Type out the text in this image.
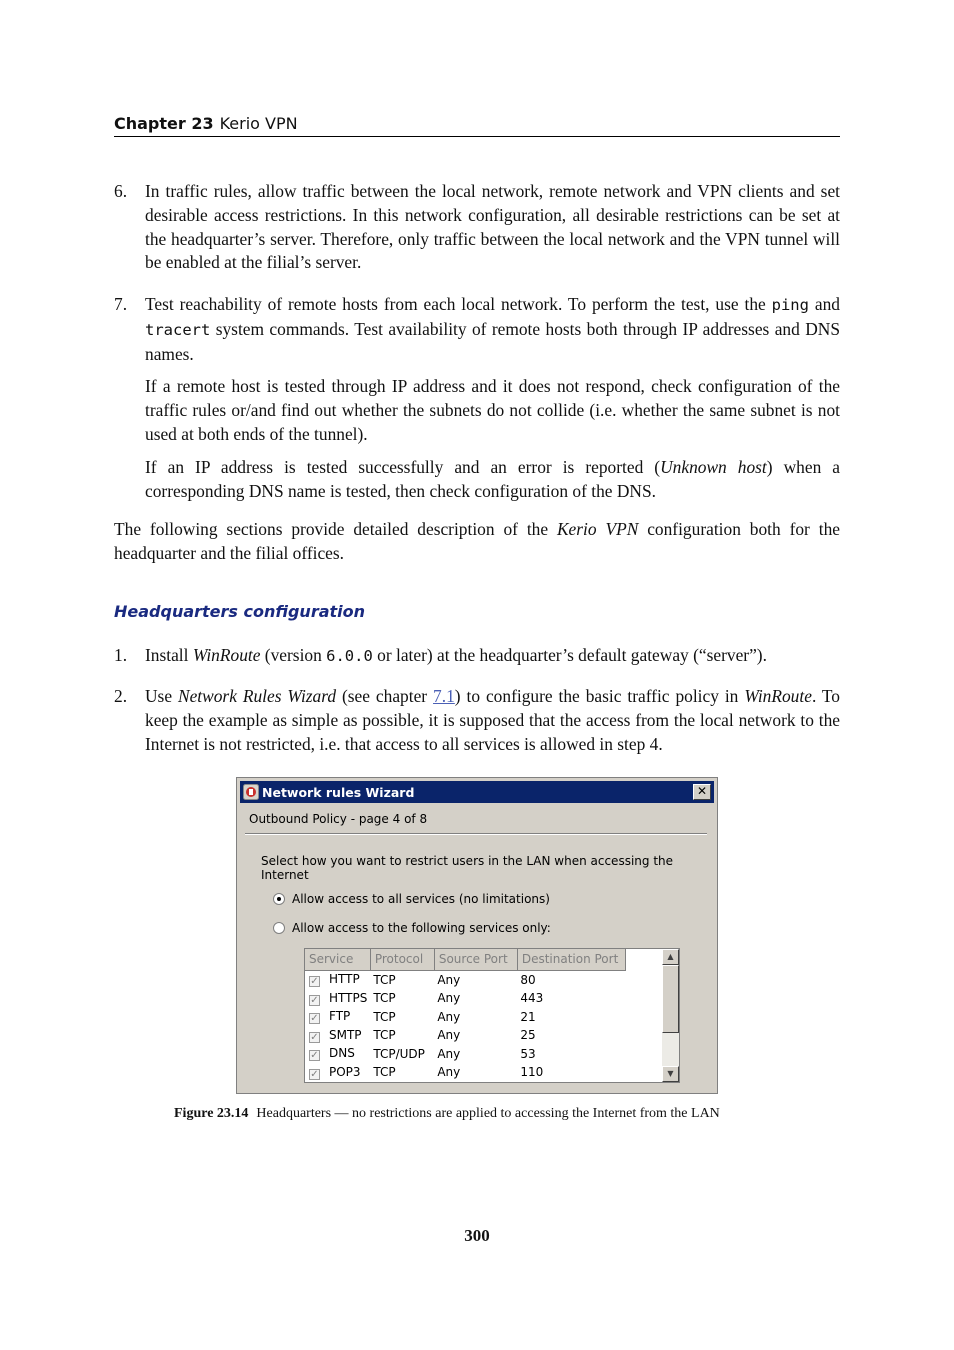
Chapter 23 Kerio VPN
6. In traffic rules, allow traffic between the local network, remote network and VPN clients and set desirable access restrictions. In this network configuration, all desirable restrictions can be set at the headquarter’s server. Therefore, only traffic between the local network and the VPN tunnel will be enabled at the filial’s server.

7. Test reachability of remote hosts from each local network. To perform the test, use the ping and tracert system commands. Test availability of remote hosts both through IP addresses and DNS names.

If a remote host is tested through IP address and it does not respond, check configuration of the traffic rules or/and find out whether the subnets do not collide (i.e. whether the same subnet is not used at both ends of the tunnel).

If an IP address is tested successfully and an error is reported (Unknown host) when a corresponding DNS name is tested, then check configuration of the DNS.

The following sections provide detailed description of the Kerio VPN configuration both for the headquarter and the filial offices.

Headquarters configuration
1. Install WinRoute (version 6.0.0 or later) at the headquarter’s default gateway (“server”).

2. Use Network Rules Wizard (see chapter 7.1) to configure the basic traffic policy in WinRoute. To keep the example as simple as possible, it is supposed that the access from the local network to the Internet is not restricted, i.e. that access to all services is allowed in step 4.

Network rules Wizard	✕
Outbound Policy - page 4 of 8
Select how you want to restrict users in the LAN when accessing the Internet
Allow access to all services (no limitations)
Allow access to the following services only:
Service	Protocol	Source Port	Destination Port
✓ HTTP	TCP	Any	80
✓ HTTPS	TCP	Any	443
✓ FTP	TCP	Any	21
✓ SMTP	TCP	Any	25
✓ DNS	TCP/UDP	Any	53
✓ POP3	TCP	Any	110
▲
▼
Figure 23.14 Headquarters — no restrictions are applied to accessing the Internet from the LAN
300
